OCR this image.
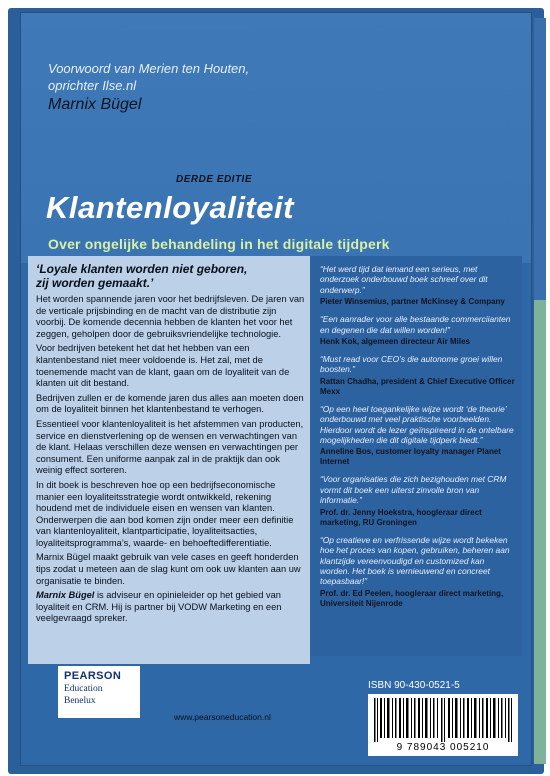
Voorwoord van Merien ten Houten,
oprichter Ilse.nl
Marnix Bügel
DERDE EDITIE
Klantenloyaliteit
Over ongelijke behandeling in het digitale tijdperk
‘Loyale klanten worden niet geboren,
zij worden gemaakt.’

Het worden spannende jaren voor het bedrijfsleven. De jaren van de verticale prijsbinding en de macht van de distributie zijn voorbij. De komende decennia hebben de klanten het voor het zeggen, geholpen door de gebruiksvriendelijke technologie.

Voor bedrijven betekent het dat het hebben van een klantenbestand niet meer voldoende is. Het zal, met de toenemende macht van de klant, gaan om de loyaliteit van de klanten uit dit bestand.

Bedrijven zullen er de komende jaren dus alles aan moeten doen om de loyaliteit binnen het klantenbestand te verhogen.

Essentieel voor klantenloyaliteit is het afstemmen van producten, service en dienstverlening op de wensen en verwachtingen van de klant. Helaas verschillen deze wensen en verwachtingen per consument. Een uniforme aanpak zal in de praktijk dan ook weinig effect sorteren.

In dit boek is beschreven hoe op een bedrijfseconomische manier een loyaliteitsstrategie wordt ontwikkeld, rekening houdend met de individuele eisen en wensen van klanten. Onderwerpen die aan bod komen zijn onder meer een definitie van klantenloyaliteit, klantparticipatie, loyaliteitsacties, loyaliteitsprogramma’s, waarde- en behoeftedifferentiatie.

Marnix Bügel maakt gebruik van vele cases en geeft honderden tips zodat u meteen aan de slag kunt om ook uw klanten aan uw organisatie te binden.

Marnix Bügel is adviseur en opinieleider op het gebied van loyaliteit en CRM. Hij is partner bij VODW Marketing en een veelgevraagd spreker.

“Het werd tijd dat iemand een serieus, met onderzoek onderbouwd boek schreef over dit onderwerp.”
Pieter Winsemius, partner McKinsey & Company
“Een aanrader voor alle bestaande commerciianten en degenen die dat willen worden!”
Henk Kok, algemeen directeur Air Miles
“Must read voor CEO’s die autonome groei willen boosten.”
Rattan Chadha, president & Chief Executive Officer Mexx
“Op een heel toegankelijke wijze wordt ‘de theorie’ onderbouwd met veel praktische voorbeelden. Hierdoor wordt de lezer geïnspireerd in de ontelbare mogelijkheden die dit digitale tijdperk biedt.”
Anneline Bos, customer loyalty manager Planet Internet
“Voor organisaties die zich bezighouden met CRM vormt dit boek een uiterst zinvolle bron van informatie.”
Prof. dr. Jenny Hoekstra, hoogleraar direct marketing, RU Groningen
“Op creatieve en verfrissende wijze wordt bekeken hoe het proces van kopen, gebruiken, beheren aan klantzijde vereenvoudigd en customized kan worden. Het boek is vernieuwend en concreet toepasbaar!”
Prof. dr. Ed Peelen, hoogleraar direct marketing, Universiteit Nijenrode
ISBN 90-430-0521-5
9 789043 005210
PEARSON
Education
Benelux
www.pearsoneducation.nl
